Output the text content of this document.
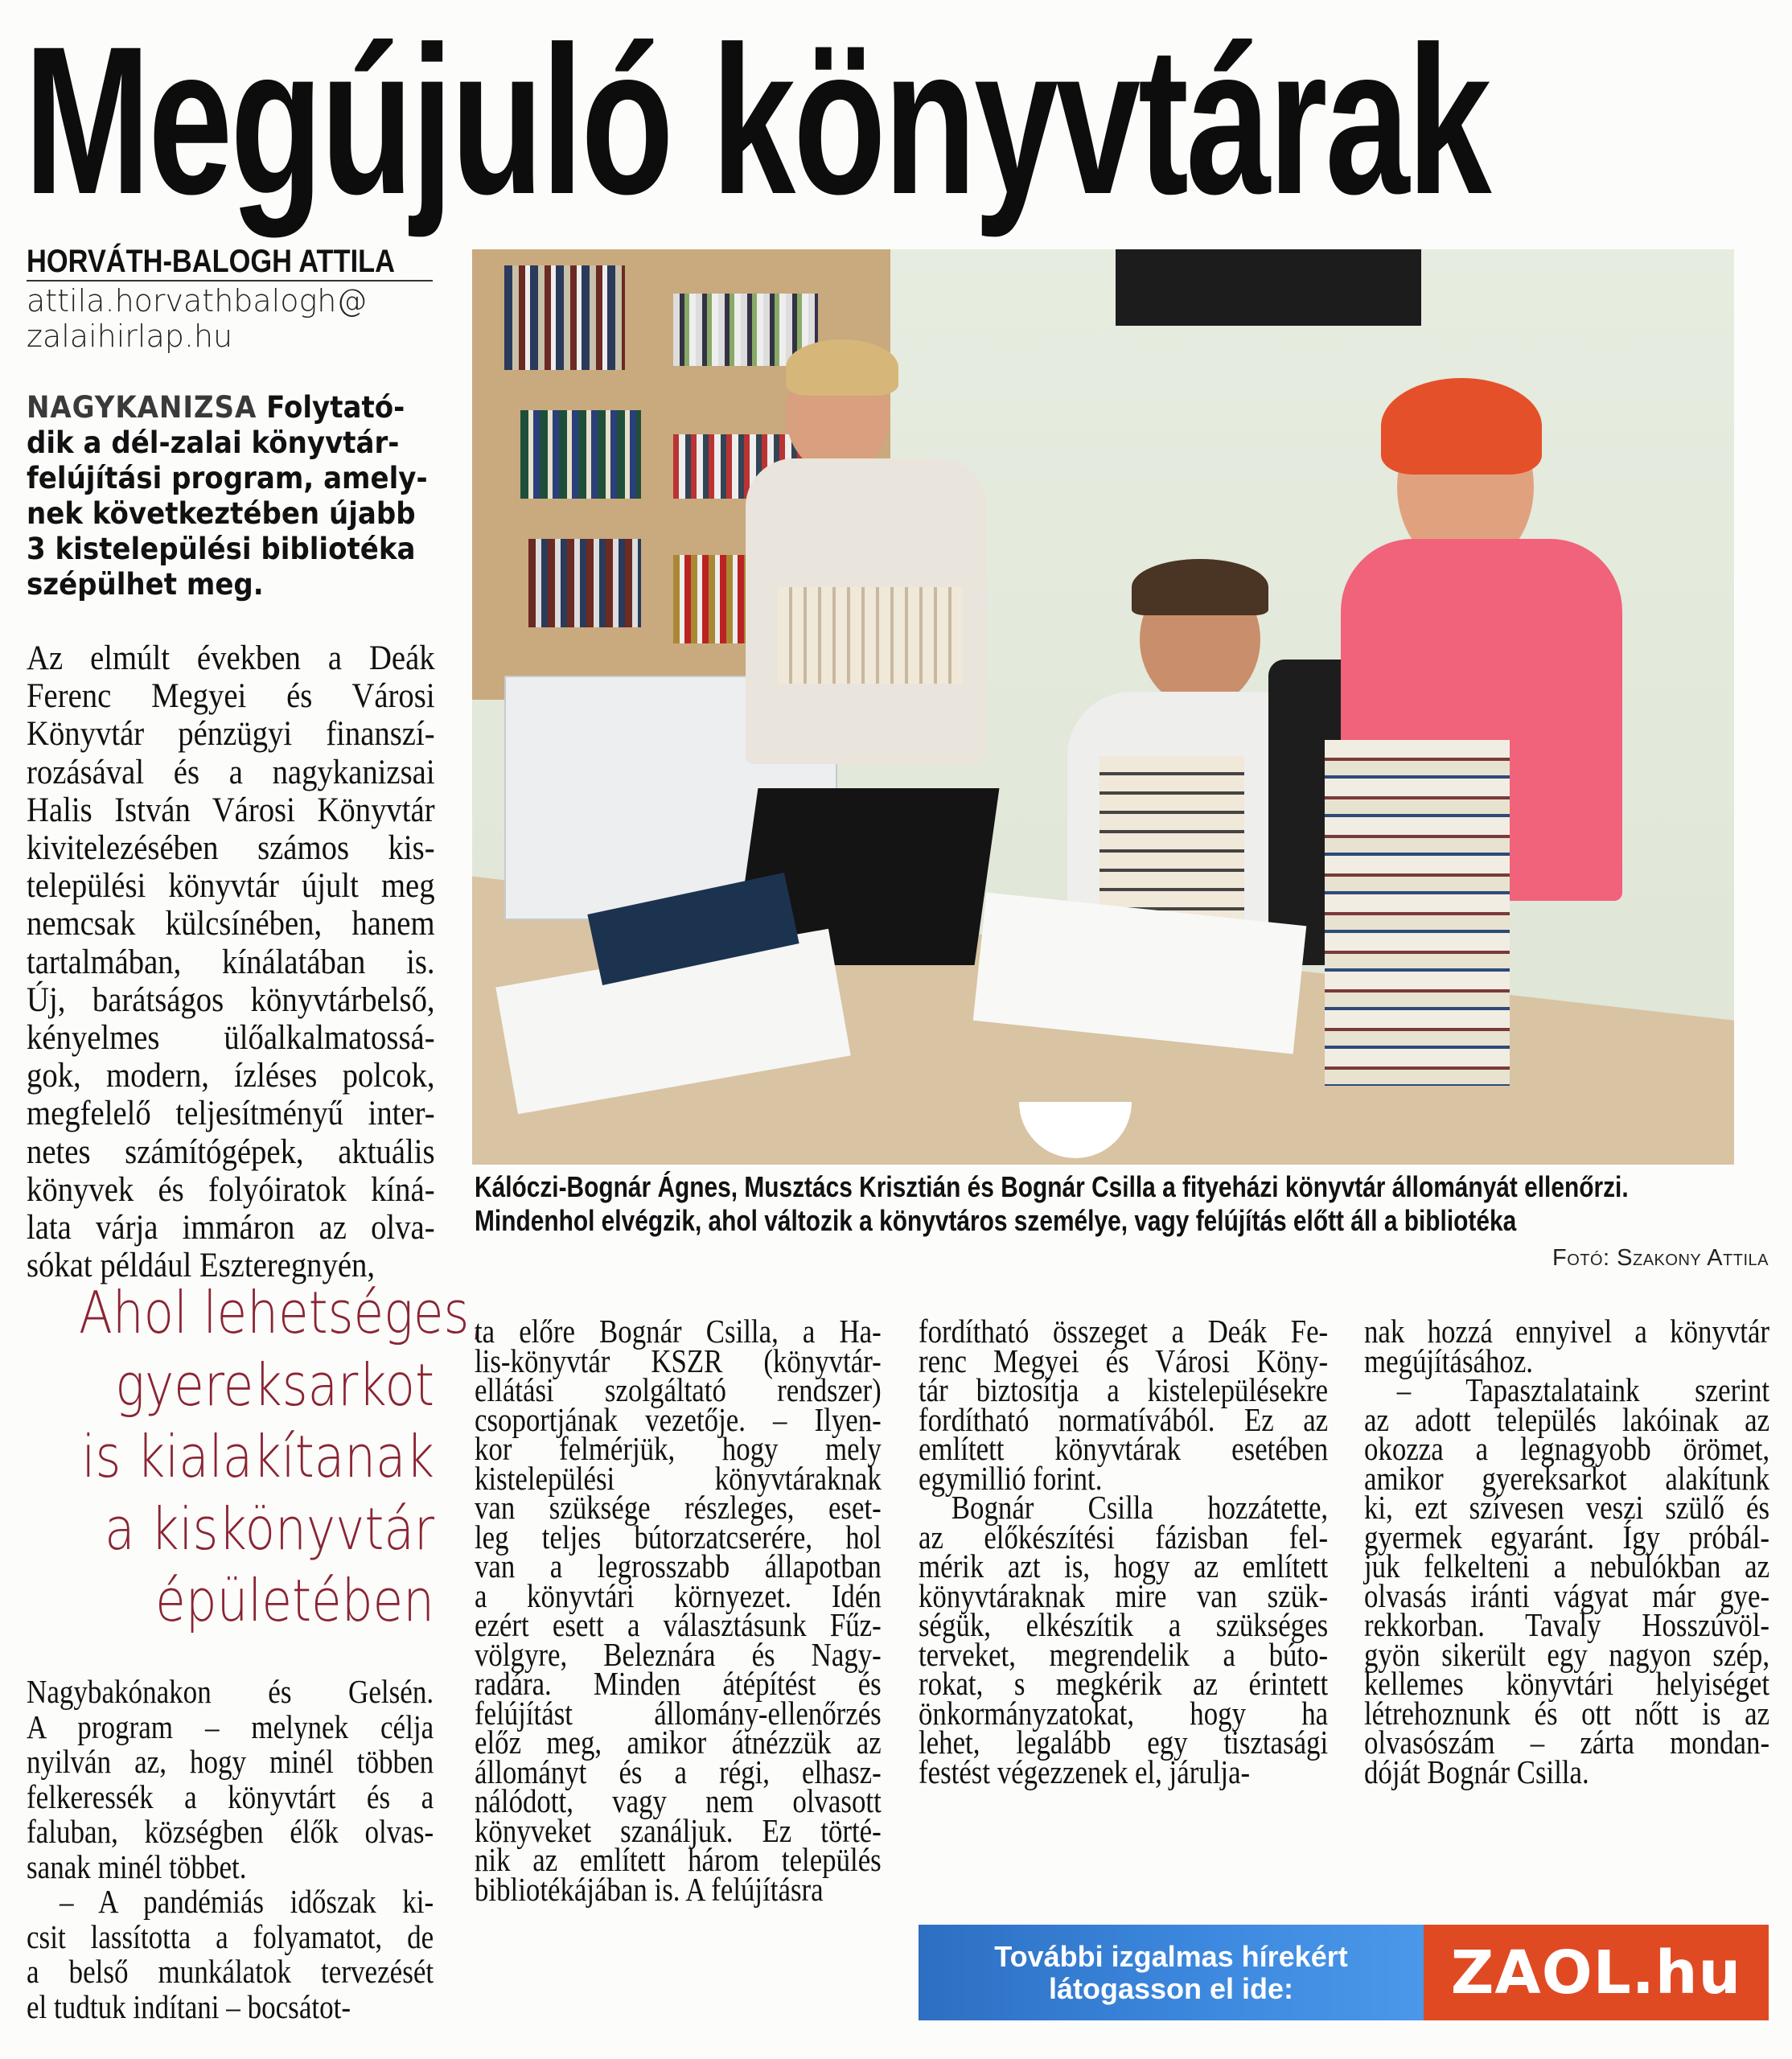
Megújuló könyvtárak
HORVÁTH-BALOGH ATTILA
attila.horvathbalogh@
zalaihirlap.hu
NAGYKANIZSA Folytató-
dik a dél-zalai könyvtár-
felújítási program, amely-
nek következtében újabb
3 kistelepülési bibliotéka
szépülhet meg.
Az elmúlt években a Deák
Ferenc Megyei és Városi
Könyvtár pénzügyi finanszí-
rozásával és a nagykanizsai
Halis István Városi Könyvtár
kivitelezésében számos kis-
települési könyvtár újult meg
nemcsak külcsínében, hanem
tartalmában, kínálatában is.
Új, barátságos könyvtárbelső,
kényelmes ülőalkalmatossá-
gok, modern, ízléses polcok,
megfelelő teljesítményű inter-
netes számítógépek, aktuális
könyvek és folyóiratok kíná-
lata várja immáron az olva-
sókat például Eszteregnyén,
Ahol lehetséges,
gyereksarkot
is kialakítanak
a kiskönyvtár
épületében
Nagybakónakon és Gelsén.
A program – melynek célja
nyilván az, hogy minél többen
felkeressék a könyvtárt és a
faluban, községben élők olvas-
sanak minél többet.
– A pandémiás időszak ki-
csit lassította a folyamatot, de
a belső munkálatok tervezését
el tudtuk indítani – bocsátot-
ta előre Bognár Csilla, a Ha-
lis-könyvtár KSZR (könyvtár-
ellátási szolgáltató rendszer)
csoportjának vezetője. – Ilyen-
kor felmérjük, hogy mely
kistelepülési könyvtáraknak
van szüksége részleges, eset-
leg teljes bútorzatcserére, hol
van a legrosszabb állapotban
a könyvtári környezet. Idén
ezért esett a választásunk Fűz-
völgyre, Beleznára és Nagy-
radára. Minden átépítést és
felújítást állomány-ellenőrzés
előz meg, amikor átnézzük az
állományt és a régi, elhasz-
nálódott, vagy nem olvasott
könyveket szanáljuk. Ez törté-
nik az említett három település
bibliotékájában is. A felújításra
fordítható összeget a Deák Fe-
renc Megyei és Városi Köny-
tár biztosítja a kistelepülésekre
fordítható normatívából. Ez az
említett könyvtárak esetében
egymillió forint.
Bognár Csilla hozzátette,
az előkészítési fázisban fel-
mérik azt is, hogy az említett
könyvtáraknak mire van szük-
ségük, elkészítik a szükséges
terveket, megrendelik a búto-
rokat, s megkérik az érintett
önkormányzatokat, hogy ha
lehet, legalább egy tisztasági
festést végezzenek el, járulja-
nak hozzá ennyivel a könyvtár
megújításához.
– Tapasztalataink szerint
az adott település lakóinak az
okozza a legnagyobb örömet,
amikor gyereksarkot alakítunk
ki, ezt szívesen veszi szülő és
gyermek egyaránt. Így próbál-
juk felkelteni a nebulókban az
olvasás iránti vágyat már gye-
rekkorban. Tavaly Hosszúvöl-
gyön sikerült egy nagyon szép,
kellemes könyvtári helyiséget
létrehoznunk és ott nőtt is az
olvasószám – zárta mondan-
dóját Bognár Csilla.
Kálóczi-Bognár Ágnes, Musztács Krisztián és Bognár Csilla a fityeházi könyvtár állományát ellenőrzi.
Mindenhol elvégzik, ahol változik a könyvtáros személye, vagy felújítás előtt áll a bibliotéka
Fotó: Szakony Attila
További izgalmas hírekért
látogasson el ide:	ZAOL.hu
